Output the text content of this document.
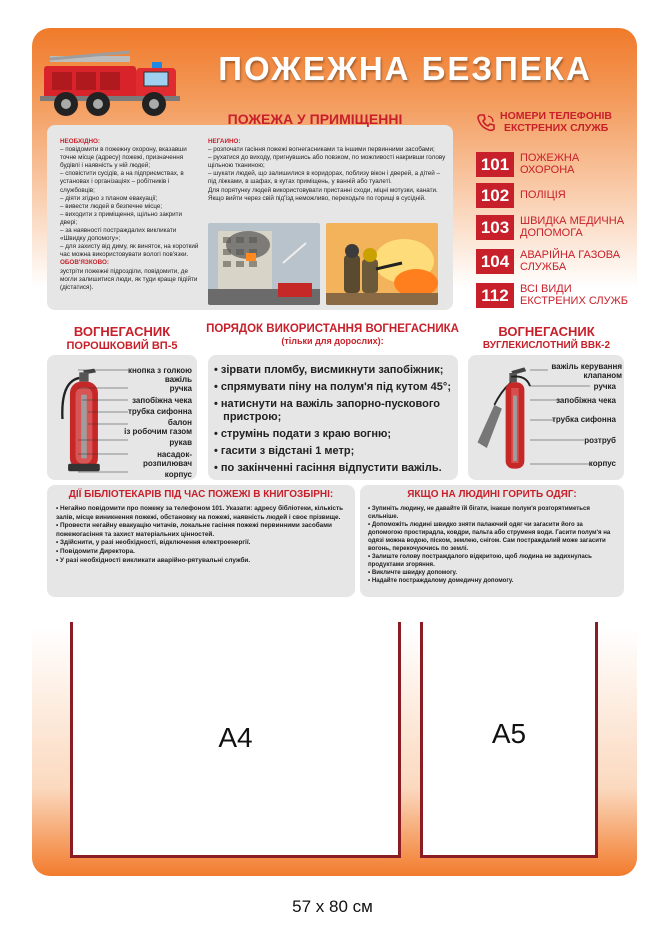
ПОЖЕЖНА БЕЗПЕКА
ПОЖЕЖА У ПРИМІЩЕННІ
НЕОБХІДНО:
– повідомити в пожежну охорону, вказавши точне місце (адресу) пожежі, призначення будівлі і наявність у ній людей;
– сповістити сусідів, а на підприємствах, в установах і організаціях – робітників і службовців;
– діяти згідно з планом евакуації;
– вивести людей в безпечне місце;
– виходити з приміщення, щільно закрити двері;
– за наявності постраждалих викликати «Швидку допомогу»;
– для захисту від диму, як виняток, на короткий час можна використовувати вологі пов'язки.
ОБОВ'ЯЗКОВО:
зустріти пожежні підрозділи, повідомити, де могли залишитися люди, як туди краще підійти (дістатися).
НЕГАЙНО:
– розпочати гасіння пожежі вогнегасниками та іншими первинними засобами;
– рухатися до виходу, пригнувшись або повзком, по можливості накривши голову щільною тканиною;
– шукати людей, що залишилися в коридорах, поблизу вікон і дверей, а дітей – під ліжками, в шафах, в кутах приміщень, у ванній або туалеті.
Для порятунку людей використовувати пристанні сходи, міцні мотузки, канати. Якщо вийти через свій під'їзд неможливо, переходьте по горищі в сусідній.
НОМЕРИ ТЕЛЕФОНІВ
ЕКСТРЕНИХ СЛУЖБ
101 ПОЖЕЖНА
ОХОРОНА
102 ПОЛІЦІЯ
103 ШВИДКА МЕДИЧНА
ДОПОМОГА
104 АВАРІЙНА ГАЗОВА
СЛУЖБА
112	ВСІ ВИДИ
ЕКСТРЕНИХ СЛУЖБ
ВОГНЕГАСНИК
ПОРОШКОВИЙ ВП-5
кнопка з голкою
важіль
ручка
запобіжна чека
трубка сифонна
балон
із робочим газом
рукав
насадок-
розпилювач
корпус
ПОРЯДОК ВИКОРИСТАННЯ ВОГНЕГАСНИКА
(тільки для дорослих):
• зірвати пломбу, висмикнути запобіжник;
• спрямувати піну на полум'я під кутом 45°;
• натиснути на важіль запорно-пускового
пристрою;
• струмінь подати з краю вогню;
• гасити з відстані 1 метр;
• по закінченні гасіння відпустити важіль.
ВОГНЕГАСНИК
ВУГЛЕКИСЛОТНИЙ ВВК-2
важіль керування
клапаном
ручка
запобіжна чека
трубка сифонна
розтруб
корпус
ДІЇ БІБЛІОТЕКАРІВ ПІД ЧАС ПОЖЕЖІ В КНИГОЗБІРНІ:
• Негайно повідомити про пожежу за телефоном 101. Указати: адресу бібліотеки, кількість залів, місце виникнення пожежі, обстановку на пожежі, наявність людей і своє прізвище.
• Провести негайну евакуацію читачів, локальне гасіння пожежі первинними засобами пожежогасіння та захист матеріальних цінностей.
• Здійснити, у разі необхідності, відключення електроенергії.
• Повідомити Директора.
• У разі необхідності викликати аварійно-рятувальні служби.
ЯКЩО НА ЛЮДИНІ ГОРИТЬ ОДЯГ:
• Зупиніть людину, не давайте їй бігати, інакше полум'я розгорятиметься сильніше.
• Допоможіть людині швидко зняти палаючий одяг чи загасити його за допомогою простирадла, ковдри, пальта або струменя води. Гасити полум'я на одязі можна водою, піском, землею, снігом. Сам постраждалий може загасити вогонь, перекочуючись по землі.
• Залиште голову постраждалого відкритою, щоб людина не задихнулась продуктами згоряння.
• Викличте швидку допомогу.
• Надайте постраждалому домедичну допомогу.
А4	А5
57 х 80 см
